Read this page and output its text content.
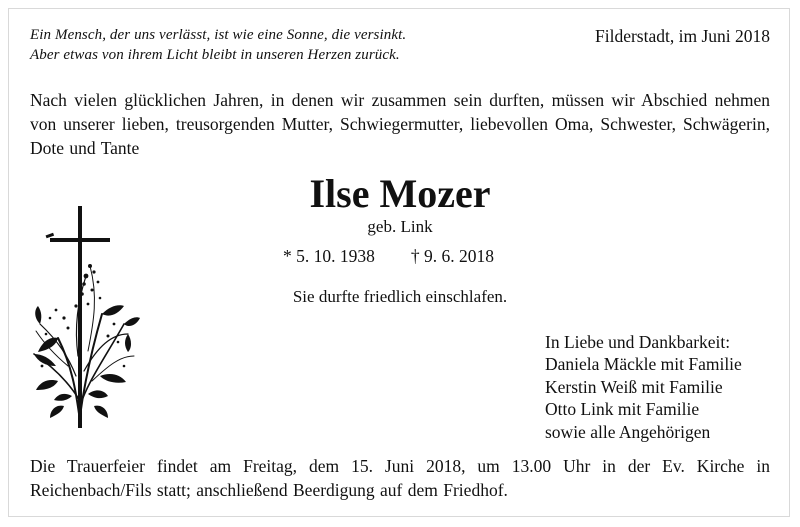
Ein Mensch, der uns verlässt, ist wie eine Sonne, die versinkt.
Aber etwas von ihrem Licht bleibt in unseren Herzen zurück.
Filderstadt, im Juni 2018
Nach vielen glücklichen Jahren, in denen wir zusammen sein durften, müssen wir Abschied nehmen von unserer lieben, treusorgenden Mutter, Schwiegermutter, liebevollen Oma, Schwester, Schwägerin, Dote und Tante
Ilse Mozer
geb. Link
* 5. 10. 1938 † 9. 6. 2018
Sie durfte friedlich einschlafen.
In Liebe und Dankbarkeit:
Daniela Mäckle mit Familie
Kerstin Weiß mit Familie
Otto Link mit Familie
sowie alle Angehörigen
Die Trauerfeier findet am Freitag, dem 15. Juni 2018, um 13.00 Uhr in der Ev. Kirche in Reichenbach/Fils statt; anschließend Beerdigung auf dem Friedhof.
